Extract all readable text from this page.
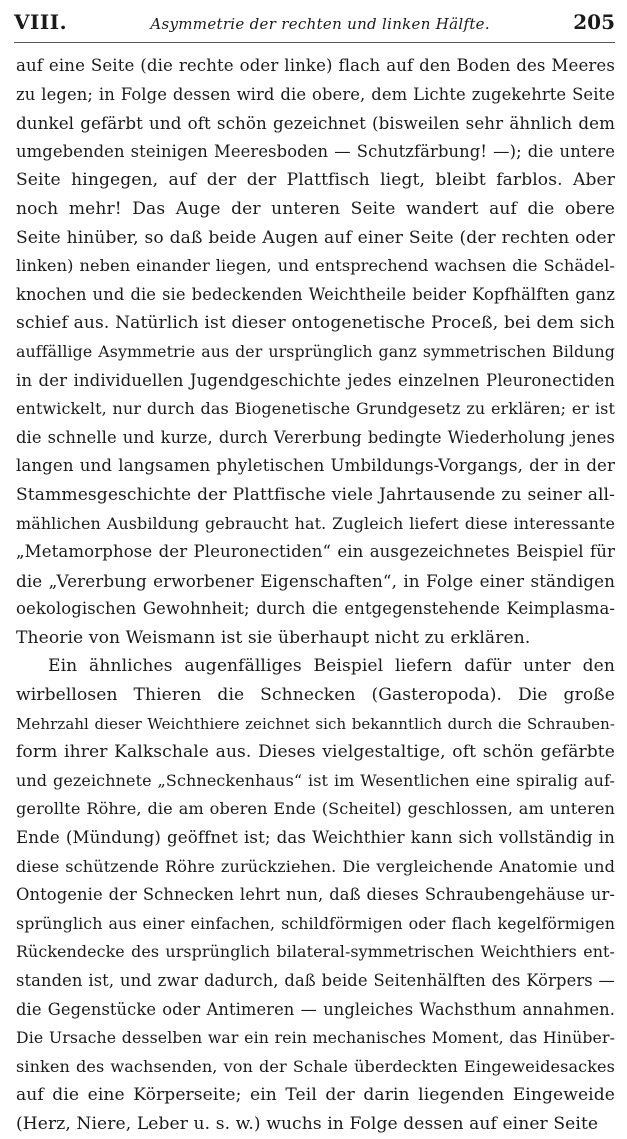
VIII.	Asymmetrie der rechten und linken Hälfte.	205
auf eine Seite (die rechte oder linke) flach auf den Boden des Meeres
zu legen; in Folge dessen wird die obere, dem Lichte zugekehrte Seite
dunkel gefärbt und oft schön gezeichnet (bisweilen sehr ähnlich dem
umgebenden steinigen Meeresboden — Schutzfärbung! —); die untere
Seite hingegen, auf der der Plattfisch liegt, bleibt farblos. Aber
noch mehr! Das Auge der unteren Seite wandert auf die obere
Seite hinüber, so daß beide Augen auf einer Seite (der rechten oder
linken) neben einander liegen, und entsprechend wachsen die Schädel-
knochen und die sie bedeckenden Weichtheile beider Kopfhälften ganz
schief aus. Natürlich ist dieser ontogenetische Proceß, bei dem sich
auffällige Asymmetrie aus der ursprünglich ganz symmetrischen Bildung
in der individuellen Jugendgeschichte jedes einzelnen Pleuronectiden
entwickelt, nur durch das Biogenetische Grundgesetz zu erklären; er ist
die schnelle und kurze, durch Vererbung bedingte Wiederholung jenes
langen und langsamen phyletischen Umbildungs-Vorgangs, der in der
Stammesgeschichte der Plattfische viele Jahrtausende zu seiner all-
mählichen Ausbildung gebraucht hat. Zugleich liefert diese interessante
„Metamorphose der Pleuronectiden“ ein ausgezeichnetes Beispiel für
die „Vererbung erworbener Eigenschaften“, in Folge einer ständigen
oekologischen Gewohnheit; durch die entgegenstehende Keimplasma-
Theorie von Weismann ist sie überhaupt nicht zu erklären.
Ein ähnliches augenfälliges Beispiel liefern dafür unter den
wirbellosen Thieren die Schnecken (Gasteropoda). Die große
Mehrzahl dieser Weichthiere zeichnet sich bekanntlich durch die Schrauben-
form ihrer Kalkschale aus. Dieses vielgestaltige, oft schön gefärbte
und gezeichnete „Schneckenhaus“ ist im Wesentlichen eine spiralig auf-
gerollte Röhre, die am oberen Ende (Scheitel) geschlossen, am unteren
Ende (Mündung) geöffnet ist; das Weichthier kann sich vollständig in
diese schützende Röhre zurückziehen. Die vergleichende Anatomie und
Ontogenie der Schnecken lehrt nun, daß dieses Schraubengehäuse ur-
sprünglich aus einer einfachen, schildförmigen oder flach kegelförmigen
Rückendecke des ursprünglich bilateral-symmetrischen Weichthiers ent-
standen ist, und zwar dadurch, daß beide Seitenhälften des Körpers —
die Gegenstücke oder Antimeren — ungleiches Wachsthum annahmen.
Die Ursache desselben war ein rein mechanisches Moment, das Hinüber-
sinken des wachsenden, von der Schale überdeckten Eingeweidesackes
auf die eine Körperseite; ein Teil der darin liegenden Eingeweide
(Herz, Niere, Leber u. s. w.) wuchs in Folge dessen auf einer Seite
